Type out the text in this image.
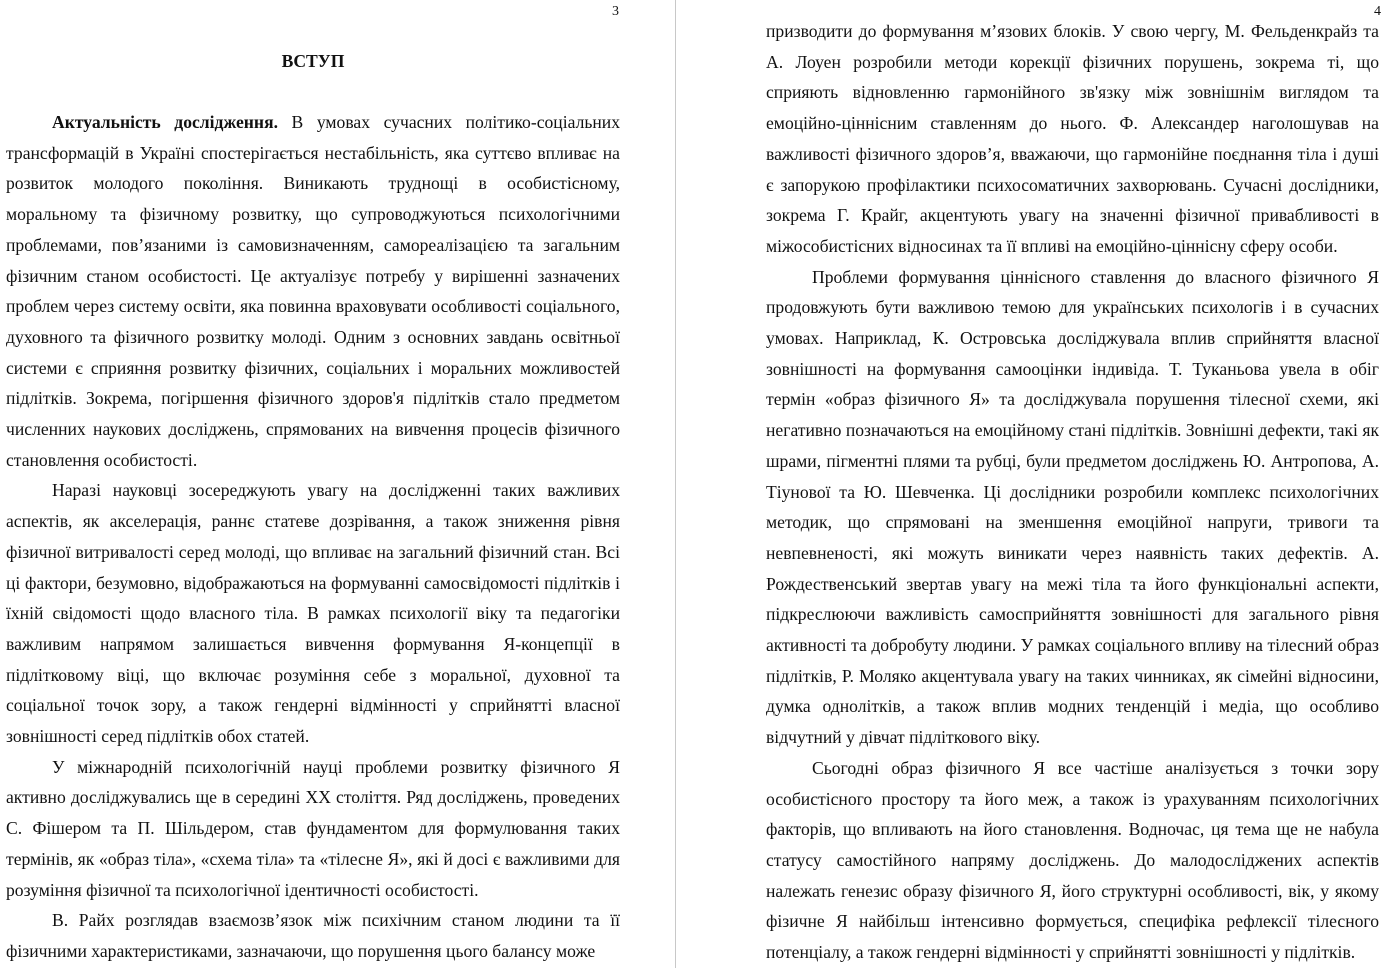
3
ВСТУП

Актуальність дослідження. В умовах сучасних політико-соціальних трансформацій в Україні спостерігається нестабільність, яка суттєво впливає на розвиток молодого покоління. Виникають труднощі в особистісному, моральному та фізичному розвитку, що супроводжуються психологічними проблемами, пов’язаними із самовизначенням, самореалізацією та загальним фізичним станом особистості. Це актуалізує потребу у вирішенні зазначених проблем через систему освіти, яка повинна враховувати особливості соціального, духовного та фізичного розвитку молоді. Одним з основних завдань освітньої системи є сприяння розвитку фізичних, соціальних і моральних можливостей підлітків. Зокрема, погіршення фізичного здоров'я підлітків стало предметом численних наукових досліджень, спрямованих на вивчення процесів фізичного становлення особистості.

Наразі науковці зосереджують увагу на дослідженні таких важливих аспектів, як акселерація, раннє статеве дозрівання, а також зниження рівня фізичної витривалості серед молоді, що впливає на загальний фізичний стан. Всі ці фактори, безумовно, відображаються на формуванні самосвідомості підлітків і їхній свідомості щодо власного тіла. В рамках психології віку та педагогіки важливим напрямом залишається вивчення формування Я-концепції в підлітковому віці, що включає розуміння себе з моральної, духовної та соціальної точок зору, а також гендерні відмінності у сприйнятті власної зовнішності серед підлітків обох статей.

У міжнародній психологічній науці проблеми розвитку фізичного Я активно досліджувались ще в середині XX століття. Ряд досліджень, проведених С. Фішером та П. Шільдером, став фундаментом для формулювання таких термінів, як «образ тіла», «схема тіла» та «тілесне Я», які й досі є важливими для розуміння фізичної та психологічної ідентичності особистості.

В. Райх розглядав взаємозв’язок між психічним станом людини та її фізичними характеристиками, зазначаючи, що порушення цього балансу може

4

призводити до формування м’язових блоків. У свою чергу, М. Фельденкрайз та А. Лоуен розробили методи корекції фізичних порушень, зокрема ті, що сприяють відновленню гармонійного зв'язку між зовнішнім виглядом та емоційно-ціннісним ставленням до нього. Ф. Александер наголошував на важливості фізичного здоров’я, вважаючи, що гармонійне поєднання тіла і душі є запорукою профілактики психосоматичних захворювань. Сучасні дослідники, зокрема Г. Крайг, акцентують увагу на значенні фізичної привабливості в міжособистісних відносинах та її впливі на емоційно-ціннісну сферу особи.

Проблеми формування ціннісного ставлення до власного фізичного Я продовжують бути важливою темою для українських психологів і в сучасних умовах. Наприклад, К. Островська досліджувала вплив сприйняття власної зовнішності на формування самооцінки індивіда. Т. Туканьова увела в обіг термін «образ фізичного Я» та досліджувала порушення тілесної схеми, які негативно позначаються на емоційному стані підлітків. Зовнішні дефекти, такі як шрами, пігментні плями та рубці, були предметом досліджень Ю. Антропова, А. Тіунової та Ю. Шевченка. Ці дослідники розробили комплекс психологічних методик, що спрямовані на зменшення емоційної напруги, тривоги та невпевненості, які можуть виникати через наявність таких дефектів. А. Рождественський звертав увагу на межі тіла та його функціональні аспекти, підкреслюючи важливість самосприйняття зовнішності для загального рівня активності та добробуту людини. У рамках соціального впливу на тілесний образ підлітків, Р. Моляко акцентувала увагу на таких чинниках, як сімейні відносини, думка однолітків, а також вплив модних тенденцій і медіа, що особливо відчутний у дівчат підліткового віку.

Сьогодні образ фізичного Я все частіше аналізується з точки зору особистісного простору та його меж, а також із урахуванням психологічних факторів, що впливають на його становлення. Водночас, ця тема ще не набула статусу самостійного напряму досліджень. До малодосліджених аспектів належать генезис образу фізичного Я, його структурні особливості, вік, у якому фізичне Я найбільш інтенсивно формується, специфіка рефлексії тілесного потенціалу, а також гендерні відмінності у сприйнятті зовнішності у підлітків.
